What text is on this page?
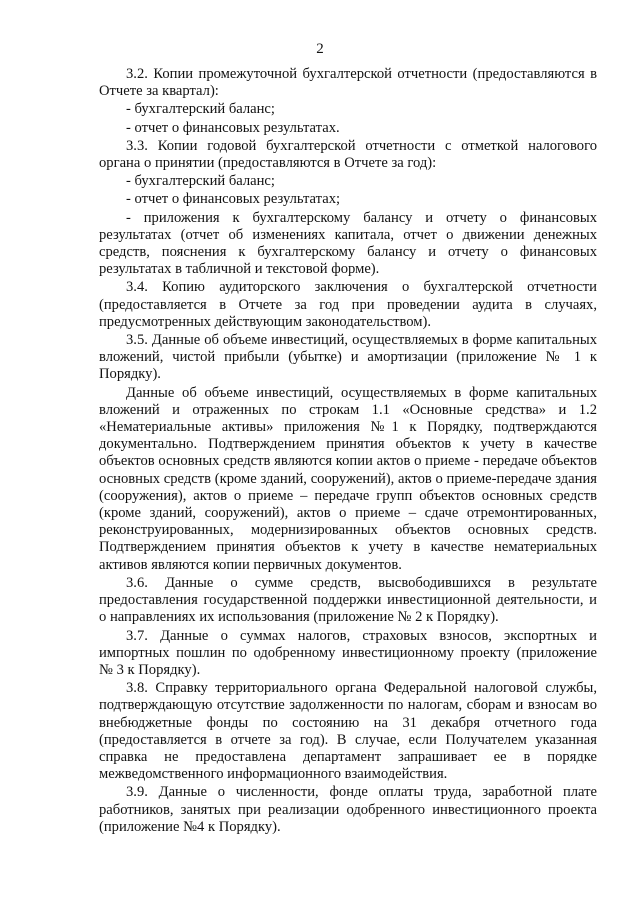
2

3.2. Копии промежуточной бухгалтерской отчетности (предоставляются в Отчете за квартал):

- бухгалтерский баланс;

- отчет о финансовых результатах.

3.3. Копии годовой бухгалтерской отчетности с отметкой налогового органа о принятии (предоставляются в Отчете за год):

- бухгалтерский баланс;

- отчет о финансовых результатах;

- приложения к бухгалтерскому балансу и отчету о финансовых результатах (отчет об изменениях капитала, отчет о движении денежных средств, пояснения к бухгалтерскому балансу и отчету о финансовых результатах в табличной и текстовой форме).

3.4. Копию аудиторского заключения о бухгалтерской отчетности (предоставляется в Отчете за год при проведении аудита в случаях, предусмотренных действующим законодательством).

3.5. Данные об объеме инвестиций, осуществляемых в форме капитальных вложений, чистой прибыли (убытке) и амортизации (приложение № 1 к Порядку).

Данные об объеме инвестиций, осуществляемых в форме капитальных вложений и отраженных по строкам 1.1 «Основные средства» и 1.2 «Нематериальные активы» приложения №1 к Порядку, подтверждаются документально. Подтверждением принятия объектов к учету в качестве объектов основных средств являются копии актов о приеме - передаче объектов основных средств (кроме зданий, сооружений), актов о приеме-передаче здания (сооружения), актов о приеме – передаче групп объектов основных средств (кроме зданий, сооружений), актов о приеме – сдаче отремонтированных, реконструированных, модернизированных объектов основных средств. Подтверждением принятия объектов к учету в качестве нематериальных активов являются копии первичных документов.

3.6. Данные о сумме средств, высвободившихся в результате предоставления государственной поддержки инвестиционной деятельности, и о направлениях их использования (приложение № 2 к Порядку).

3.7. Данные о суммах налогов, страховых взносов, экспортных и импортных пошлин по одобренному инвестиционному проекту (приложение № 3 к Порядку).

3.8. Справку территориального органа Федеральной налоговой службы, подтверждающую отсутствие задолженности по налогам, сборам и взносам во внебюджетные фонды по состоянию на 31 декабря отчетного года (предоставляется в отчете за год). В случае, если Получателем указанная справка не предоставлена департамент запрашивает ее в порядке межведомственного информационного взаимодействия.

3.9. Данные о численности, фонде оплаты труда, заработной плате работников, занятых при реализации одобренного инвестиционного проекта (приложение №4 к Порядку).
